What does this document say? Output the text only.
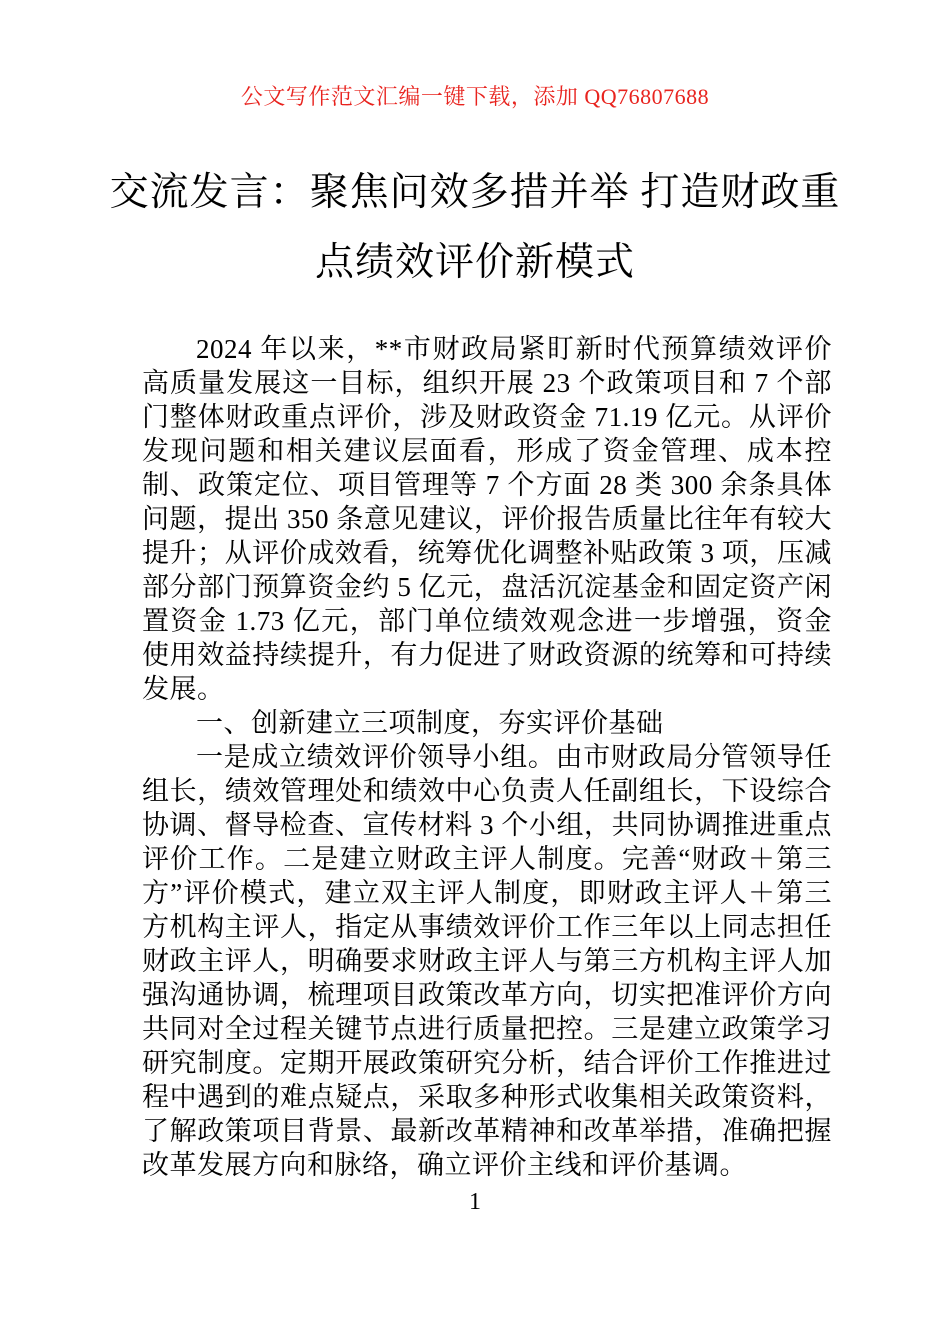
公文写作范文汇编一键下载，添加 QQ76807688
交流发言：聚焦问效多措并举 打造财政重
点绩效评价新模式

2024 年以来，**市财政局紧盯新时代预算绩效评价高质量发展这一目标，组织开展 23 个政策项目和 7 个部门整体财政重点评价，涉及财政资金 71.19 亿元。从评价发现问题和相关建议层面看，形成了资金管理、成本控制、政策定位、项目管理等 7 个方面 28 类 300 余条具体问题，提出 350 条意见建议，评价报告质量比往年有较大提升；从评价成效看，统筹优化调整补贴政策 3 项，压减部分部门预算资金约 5 亿元，盘活沉淀基金和固定资产闲置资金 1.73 亿元，部门单位绩效观念进一步增强，资金使用效益持续提升，有力促进了财政资源的统筹和可持续发展。

一、创新建立三项制度，夯实评价基础

一是成立绩效评价领导小组。由市财政局分管领导任组长，绩效管理处和绩效中心负责人任副组长，下设综合协调、督导检查、宣传材料 3 个小组，共同协调推进重点评价工作。二是建立财政主评人制度。完善“财政＋第三方”评价模式，建立双主评人制度，即财政主评人＋第三方机构主评人，指定从事绩效评价工作三年以上同志担任财政主评人，明确要求财政主评人与第三方机构主评人加强沟通协调，梳理项目政策改革方向，切实把准评价方向共同对全过程关键节点进行质量把控。三是建立政策学习研究制度。定期开展政策研究分析，结合评价工作推进过程中遇到的难点疑点，采取多种形式收集相关政策资料，了解政策项目背景、最新改革精神和改革举措，准确把握改革发展方向和脉络，确立评价主线和评价基调。

1
